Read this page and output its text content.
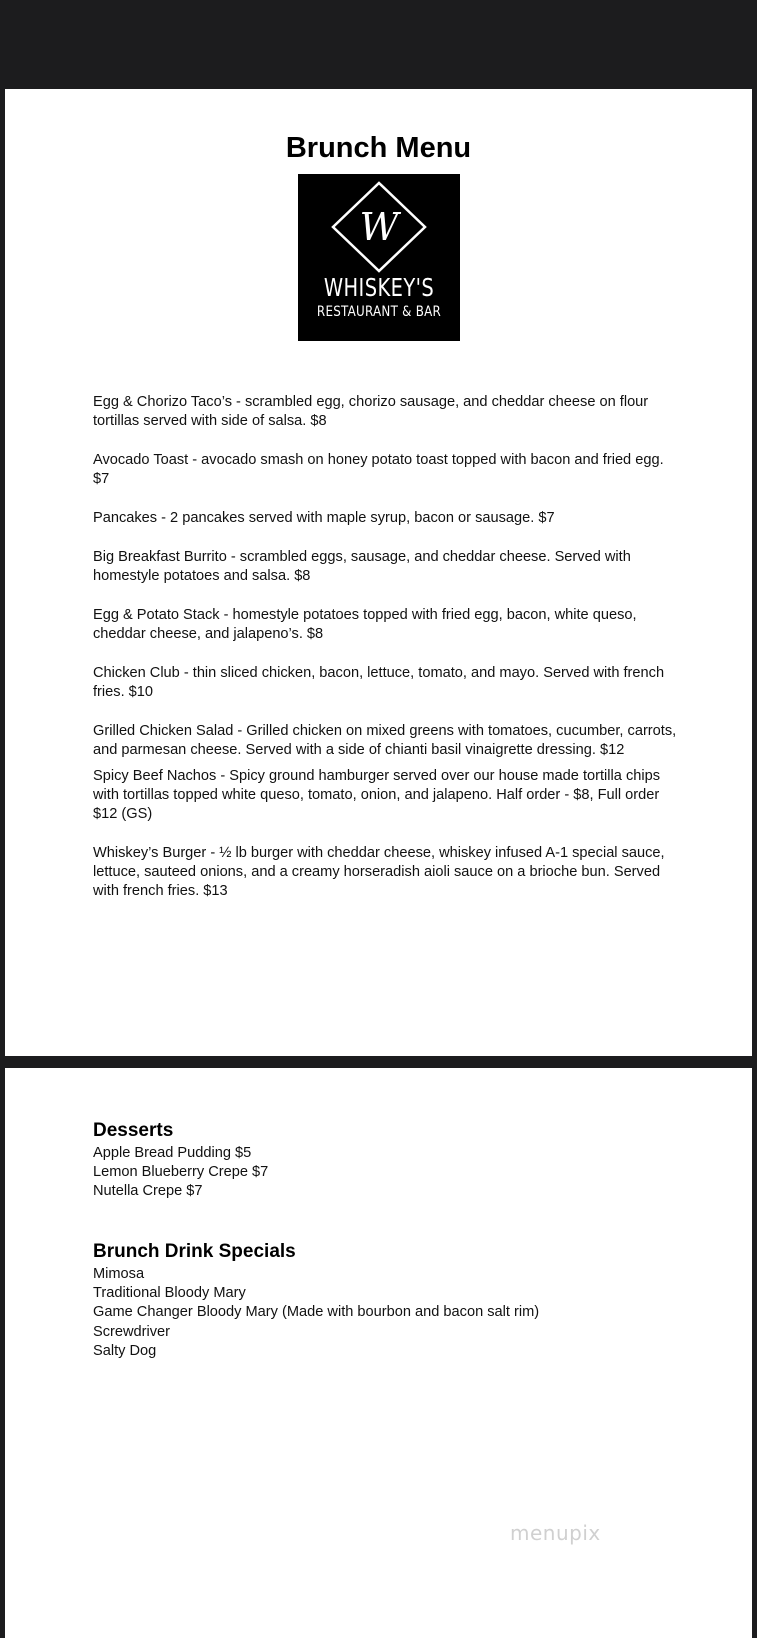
Brunch Menu
W
WHISKEY'S
RESTAURANT & BAR
Egg & Chorizo Taco’s - scrambled egg, chorizo sausage, and cheddar cheese on flour tortillas served with side of salsa. $8
Avocado Toast - avocado smash on honey potato toast topped with bacon and fried egg. $7
Pancakes - 2 pancakes served with maple syrup, bacon or sausage. $7
Big Breakfast Burrito - scrambled eggs, sausage, and cheddar cheese. Served with homestyle potatoes and salsa. $8
Egg & Potato Stack - homestyle potatoes topped with fried egg, bacon, white queso, cheddar cheese, and jalapeno’s. $8
Chicken Club - thin sliced chicken, bacon, lettuce, tomato, and mayo. Served with french fries. $10
Grilled Chicken Salad - Grilled chicken on mixed greens with tomatoes, cucumber, carrots, and parmesan cheese. Served with a side of chianti basil vinaigrette dressing. $12
Spicy Beef Nachos - Spicy ground hamburger served over our house made tortilla chips with tortillas topped white queso, tomato, onion, and jalapeno. Half order - $8, Full order $12 (GS)
Whiskey’s Burger - ½ lb burger with cheddar cheese, whiskey infused A-1 special sauce, lettuce, sauteed onions, and a creamy horseradish aioli sauce on a brioche bun. Served with french fries. $13
Desserts
Apple Bread Pudding $5
Lemon Blueberry Crepe $7
Nutella Crepe $7
Brunch Drink Specials
Mimosa
Traditional Bloody Mary
Game Changer Bloody Mary (Made with bourbon and bacon salt rim)
Screwdriver
Salty Dog
menupix
